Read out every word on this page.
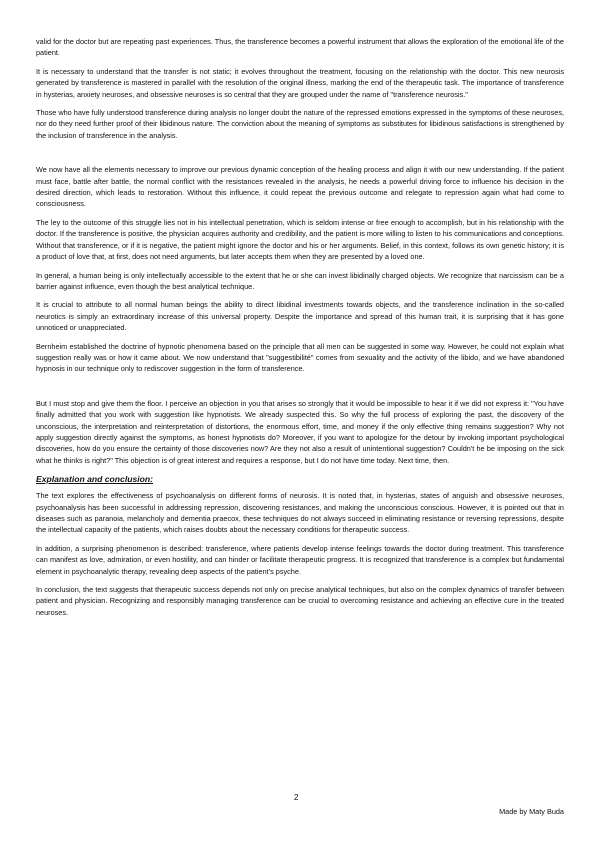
valid for the doctor but are repeating past experiences. Thus, the transference becomes a powerful instrument that allows the exploration of the emotional life of the patient.

It is necessary to understand that the transfer is not static; it evolves throughout the treatment, focusing on the relationship with the doctor. This new neurosis generated by transference is mastered in parallel with the resolution of the original illness, marking the end of the therapeutic task. The importance of transference in hysterias, anxiety neuroses, and obsessive neuroses is so central that they are grouped under the name of "transference neurosis."

Those who have fully understood transference during analysis no longer doubt the nature of the repressed emotions expressed in the symptoms of these neuroses, nor do they need further proof of their libidinous nature. The conviction about the meaning of symptoms as substitutes for libidinous satisfactions is strengthened by the inclusion of transference in the analysis.

We now have all the elements necessary to improve our previous dynamic conception of the healing process and align it with our new understanding. If the patient must face, battle after battle, the normal conflict with the resistances revealed in the analysis, he needs a powerful driving force to influence his decision in the desired direction, which leads to restoration. Without this influence, it could repeat the previous outcome and relegate to repression again what had come to consciousness.

The ley to the outcome of this struggle lies not in his intellectual penetration, which is seldom intense or free enough to accomplish, but in his relationship with the doctor. If the transference is positive, the physician acquires authority and credibility, and the patient is more willing to listen to his communications and conceptions. Without that transference, or if it is negative, the patient might ignore the doctor and his or her arguments. Belief, in this context, follows its own genetic history; it is a product of love that, at first, does not need arguments, but later accepts them when they are presented by a loved one.

In general, a human being is only intellectually accessible to the extent that he or she can invest libidinally charged objects. We recognize that narcissism can be a barrier against influence, even though the best analytical technique.

It is crucial to attribute to all normal human beings the ability to direct libidinal investments towards objects, and the transference inclination in the so-called neurotics is simply an extraordinary increase of this universal property. Despite the importance and spread of this human trait, it is surprising that it has gone unnoticed or unappreciated.

Bernheim established the doctrine of hypnotic phenomena based on the principle that all men can be suggested in some way. However, he could not explain what suggestion really was or how it came about. We now understand that "suggestibilité" comes from sexuality and the activity of the libido, and we have abandoned hypnosis in our technique only to rediscover suggestion in the form of transference.

But I must stop and give them the floor. I perceive an objection in you that arises so strongly that it would be impossible to hear it if we did not express it: "You have finally admitted that you work with suggestion like hypnotists. We already suspected this. So why the full process of exploring the past, the discovery of the unconscious, the interpretation and reinterpretation of distortions, the enormous effort, time, and money if the only effective thing remains suggestion? Why not apply suggestion directly against the symptoms, as honest hypnotists do? Moreover, if you want to apologize for the detour by invoking important psychological discoveries, how do you ensure the certainty of those discoveries now? Are they not also a result of unintentional suggestion? Couldn't he be imposing on the sick what he thinks is right?" This objection is of great interest and requires a response, but I do not have time today. Next time, then.

Explanation and conclusion:

The text explores the effectiveness of psychoanalysis on different forms of neurosis. It is noted that, in hysterias, states of anguish and obsessive neuroses, psychoanalysis has been successful in addressing repression, discovering resistances, and making the unconscious conscious. However, it is pointed out that in diseases such as paranoia, melancholy and dementia praecox, these techniques do not always succeed in eliminating resistance or reversing repressions, despite the intellectual capacity of the patients, which raises doubts about the necessary conditions for therapeutic success.

In addition, a surprising phenomenon is described: transference, where patients develop intense feelings towards the doctor during treatment. This transference can manifest as love, admiration, or even hostility, and can hinder or facilitate therapeutic progress. It is recognized that transference is a complex but fundamental element in psychoanalytic therapy, revealing deep aspects of the patient's psyche.

In conclusion, the text suggests that therapeutic success depends not only on precise analytical techniques, but also on the complex dynamics of transfer between patient and physician. Recognizing and responsibly managing transference can be crucial to overcoming resistance and achieving an effective cure in the treated neuroses.

2
Made by Maty Buda
